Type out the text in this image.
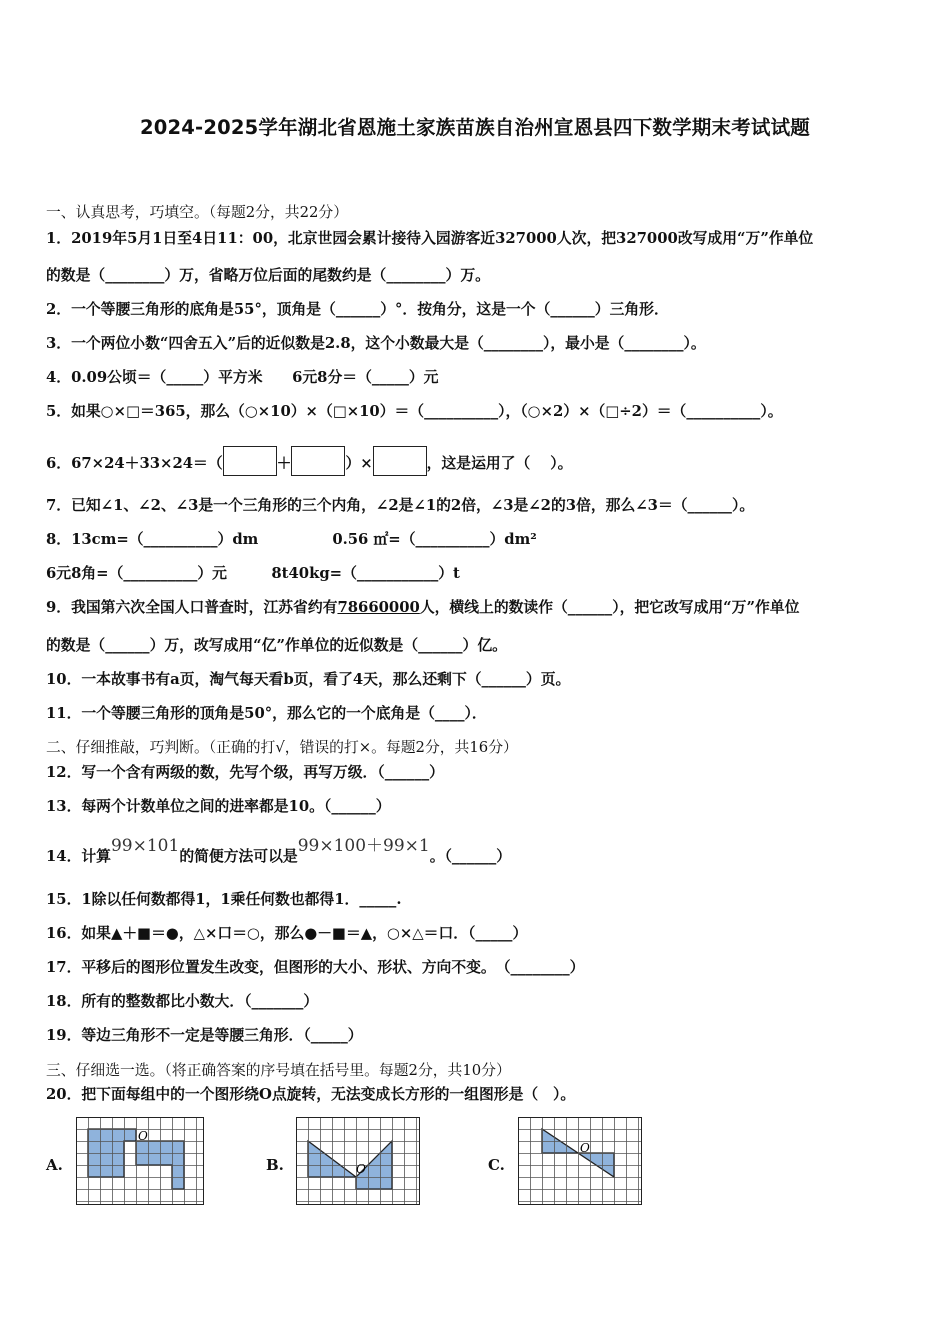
2024-2025学年湖北省恩施土家族苗族自治州宣恩县四下数学期末考试试题
一、认真思考，巧填空。（每题2分，共22分）
1．2019年5月1日至4日11：00，北京世园会累计接待入园游客近327000人次，把327000改写成用“万”作单位
的数是（________）万，省略万位后面的尾数约是（________）万。
2．一个等腰三角形的底角是55°，顶角是（______）°．按角分，这是一个（______）三角形．
3．一个两位小数“四舍五入”后的近似数是2.8，这个小数最大是（________），最小是（________）。
4．0.09公顷＝（_____）平方米　　6元8分＝（_____）元
5．如果○×□＝365，那么（○×10）×（□×10）＝（__________），（○×2）×（□÷2）＝（__________）。
6．67×24＋33×24＝（	＋	）×	，这是运用了（　 ）。
7．已知∠1、∠2、∠3是一个三角形的三个内角，∠2是∠1的2倍，∠3是∠2的3倍，那么∠3＝（______）。
8．13cm=（__________）dm　　　　　0.56 ㎡=（__________）dm²
6元8角=（__________）元　　　8t40kg=（___________）t
9．我国第六次全国人口普查时，江苏省约有78660000人，横线上的数读作（______），把它改写成用“万”作单位
的数是（______）万，改写成用“亿”作单位的近似数是（______）亿。
10．一本故事书有a页，淘气每天看b页，看了4天，那么还剩下（______）页。
11．一个等腰三角形的顶角是50°，那么它的一个底角是（____）．
二、仔细推敲，巧判断。（正确的打√，错误的打×。每题2分，共16分）
12．写一个含有两级的数，先写个级，再写万级．（______）
13．每两个计数单位之间的进率都是10。（______）
14．计算99×101的简便方法可以是99×100＋99×1。（______）
15．1除以任何数都得1，1乘任何数也都得1．_____.
16．如果▲＋■＝●，△×口＝○，那么●－■＝▲，○×△＝口．（_____）
17．平移后的图形位置发生改变，但图形的大小、形状、方向不变。　（________）
18．所有的整数都比小数大．（_______）
19．等边三角形不一定是等腰三角形．（_____）
三、仔细选一选。（将正确答案的序号填在括号里。每题2分，共10分）
20．把下面每组中的一个图形绕O点旋转，无法变成长方形的一组图形是（　）。
A.
O
B.	O	C.
O
